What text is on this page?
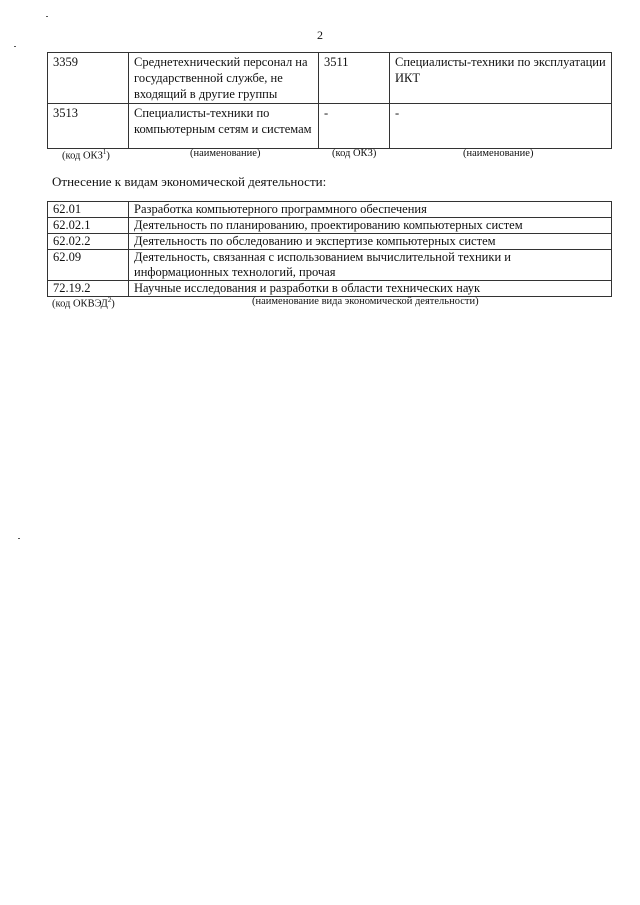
2
3359	Среднетехнический персонал на государственной службе, не входящий в другие группы	3511	Специалисты-техники по эксплуатации ИКТ
3513	Специалисты-техники по компьютерным сетям и системам	-	-
(код ОКЗ$^1$)	(наименование)	(код ОКЗ)	(наименование)
Отнесение к видам экономической деятельности:
62.01	Разработка компьютерного программного обеспечения
62.02.1	Деятельность по планированию, проектированию компьютерных систем
62.02.2	Деятельность по обследованию и экспертизе компьютерных систем
62.09	Деятельность, связанная с использованием вычислительной техники и информационных технологий, прочая
72.19.2	Научные исследования и разработки в области технических наук
(код ОКВЭД$^2$)	(наименование вида экономической деятельности)
